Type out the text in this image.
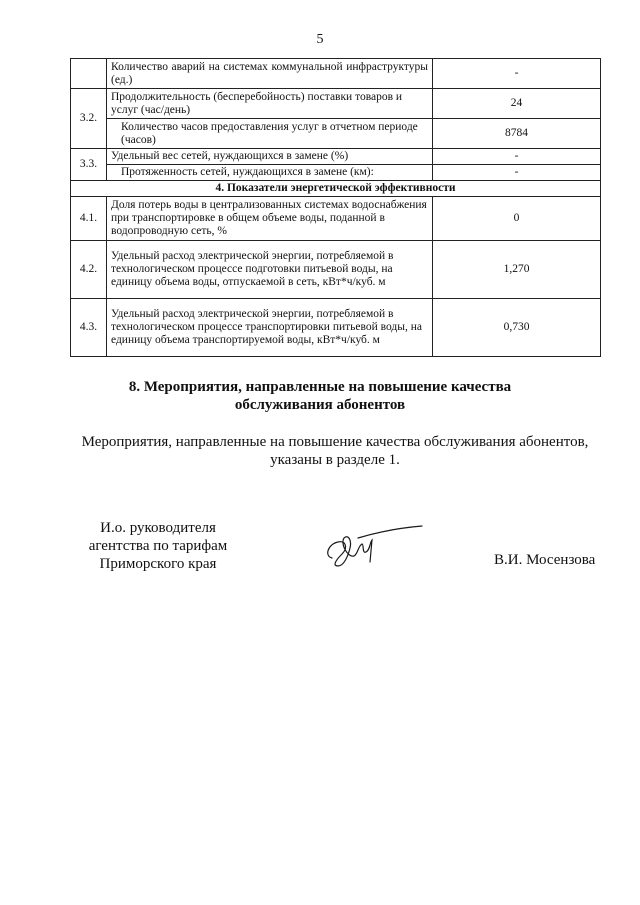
5

	Количество аварий на системах коммунальной инфраструктуры (ед.)	-
3.2.	Продолжительность (бесперебойность) поставки товаров и услуг (час/день)	24

	Количество часов предоставления услуг в отчетном периоде (часов)	8784
3.3.	Удельный вес сетей, нуждающихся в замене (%)	-

	Протяженность сетей, нуждающихся в замене (км):	-
4. Показатели энергетической эффективности		
4.1.	Доля потерь воды в централизованных системах водоснабжения при транспортировке в общем объеме воды, поданной в водопроводную сеть, %	0
4.2.	Удельный расход электрической энергии, потребляемой в технологическом процессе подготовки питьевой воды, на единицу объема воды, отпускаемой в сеть, кВт*ч/куб. м	1,270
4.3.	Удельный расход электрической энергии, потребляемой в технологическом процессе транспортировки питьевой воды, на единицу объема транспортируемой воды, кВт*ч/куб. м	0,730
8. Мероприятия, направленные на повышение качества
обслуживания абонентов
Мероприятия, направленные на повышение качества обслуживания абонентов,
указаны в разделе 1.
И.о. руководителя
агентства по тарифам
Приморского края	В.И. Мосензова
